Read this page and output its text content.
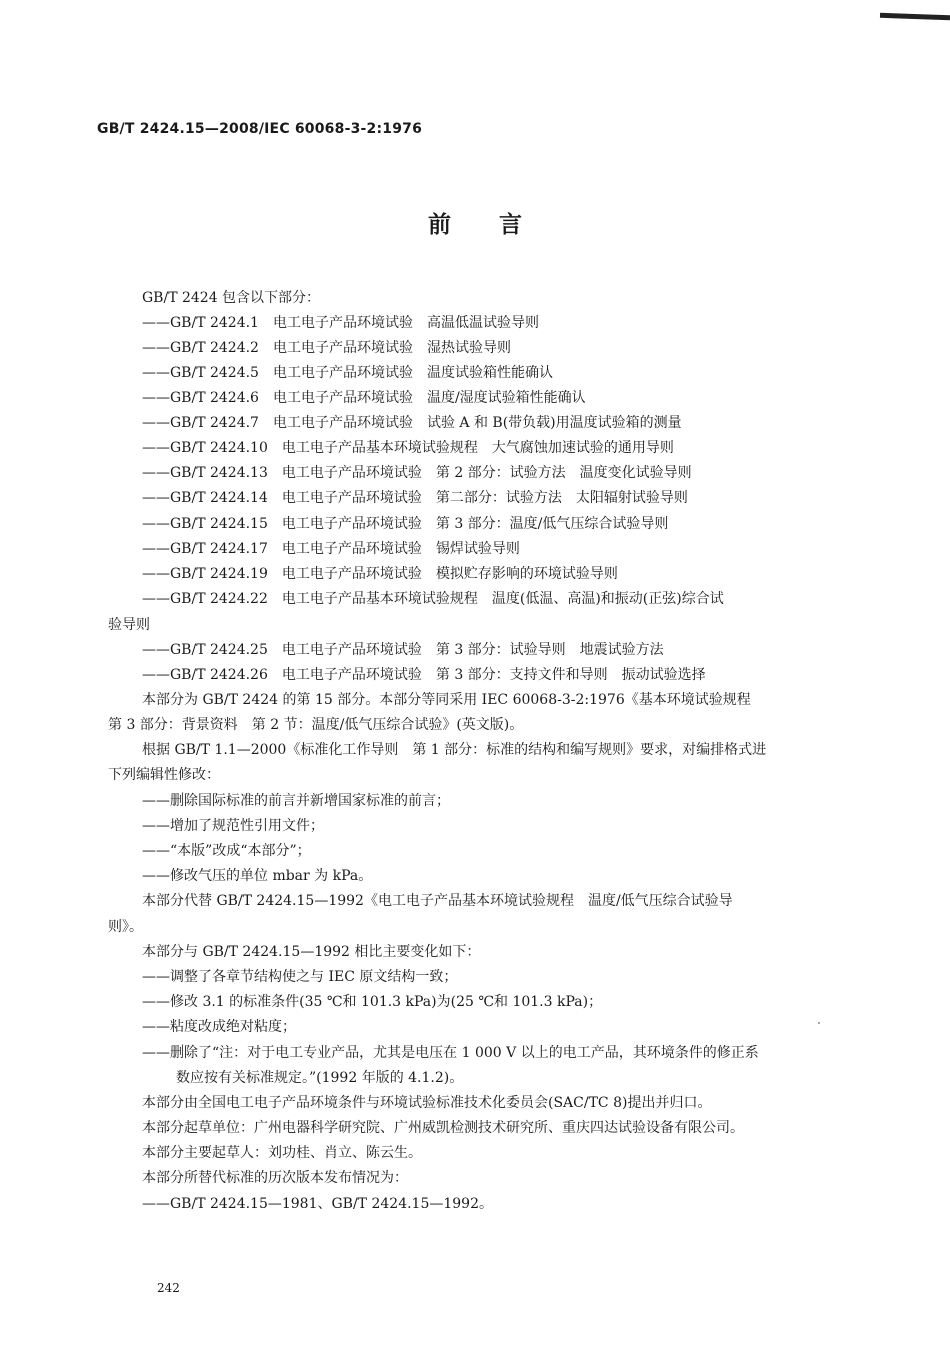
GB/T 2424.15—2008/IEC 60068-3-2:1976
前言
GB/T 2424 包含以下部分：
——GB/T 2424.1　电工电子产品环境试验　高温低温试验导则
——GB/T 2424.2　电工电子产品环境试验　湿热试验导则
——GB/T 2424.5　电工电子产品环境试验　温度试验箱性能确认
——GB/T 2424.6　电工电子产品环境试验　温度/湿度试验箱性能确认
——GB/T 2424.7　电工电子产品环境试验　试验 A 和 B(带负载)用温度试验箱的测量
——GB/T 2424.10　电工电子产品基本环境试验规程　大气腐蚀加速试验的通用导则
——GB/T 2424.13　电工电子产品环境试验　第 2 部分：试验方法　温度变化试验导则
——GB/T 2424.14　电工电子产品环境试验　第二部分：试验方法　太阳辐射试验导则
——GB/T 2424.15　电工电子产品环境试验　第 3 部分：温度/低气压综合试验导则
——GB/T 2424.17　电工电子产品环境试验　锡焊试验导则
——GB/T 2424.19　电工电子产品环境试验　模拟贮存影响的环境试验导则
——GB/T 2424.22　电工电子产品基本环境试验规程　温度(低温、高温)和振动(正弦)综合试
验导则
——GB/T 2424.25　电工电子产品环境试验　第 3 部分：试验导则　地震试验方法
——GB/T 2424.26　电工电子产品环境试验　第 3 部分：支持文件和导则　振动试验选择
本部分为 GB/T 2424 的第 15 部分。本部分等同采用 IEC 60068-3-2:1976《基本环境试验规程
第 3 部分：背景资料　第 2 节：温度/低气压综合试验》(英文版)。
根据 GB/T 1.1—2000《标准化工作导则　第 1 部分：标准的结构和编写规则》要求，对编排格式进
下列编辑性修改：
——删除国际标准的前言并新增国家标准的前言；
——增加了规范性引用文件；
——“本版”改成“本部分”；
——修改气压的单位 mbar 为 kPa。
本部分代替 GB/T 2424.15—1992《电工电子产品基本环境试验规程　温度/低气压综合试验导
则》。
本部分与 GB/T 2424.15—1992 相比主要变化如下：
——调整了各章节结构使之与 IEC 原文结构一致；
——修改 3.1 的标准条件(35 ℃和 101.3 kPa)为(25 ℃和 101.3 kPa)；
——粘度改成绝对粘度；
——删除了“注：对于电工专业产品，尤其是电压在 1 000 V 以上的电工产品，其环境条件的修正系
数应按有关标准规定。”(1992 年版的 4.1.2)。
本部分由全国电工电子产品环境条件与环境试验标准技术化委员会(SAC/TC 8)提出并归口。
本部分起草单位：广州电器科学研究院、广州威凯检测技术研究所、重庆四达试验设备有限公司。
本部分主要起草人：刘功桂、肖立、陈云生。
本部分所替代标准的历次版本发布情况为：
——GB/T 2424.15—1981、GB/T 2424.15—1992。
242
